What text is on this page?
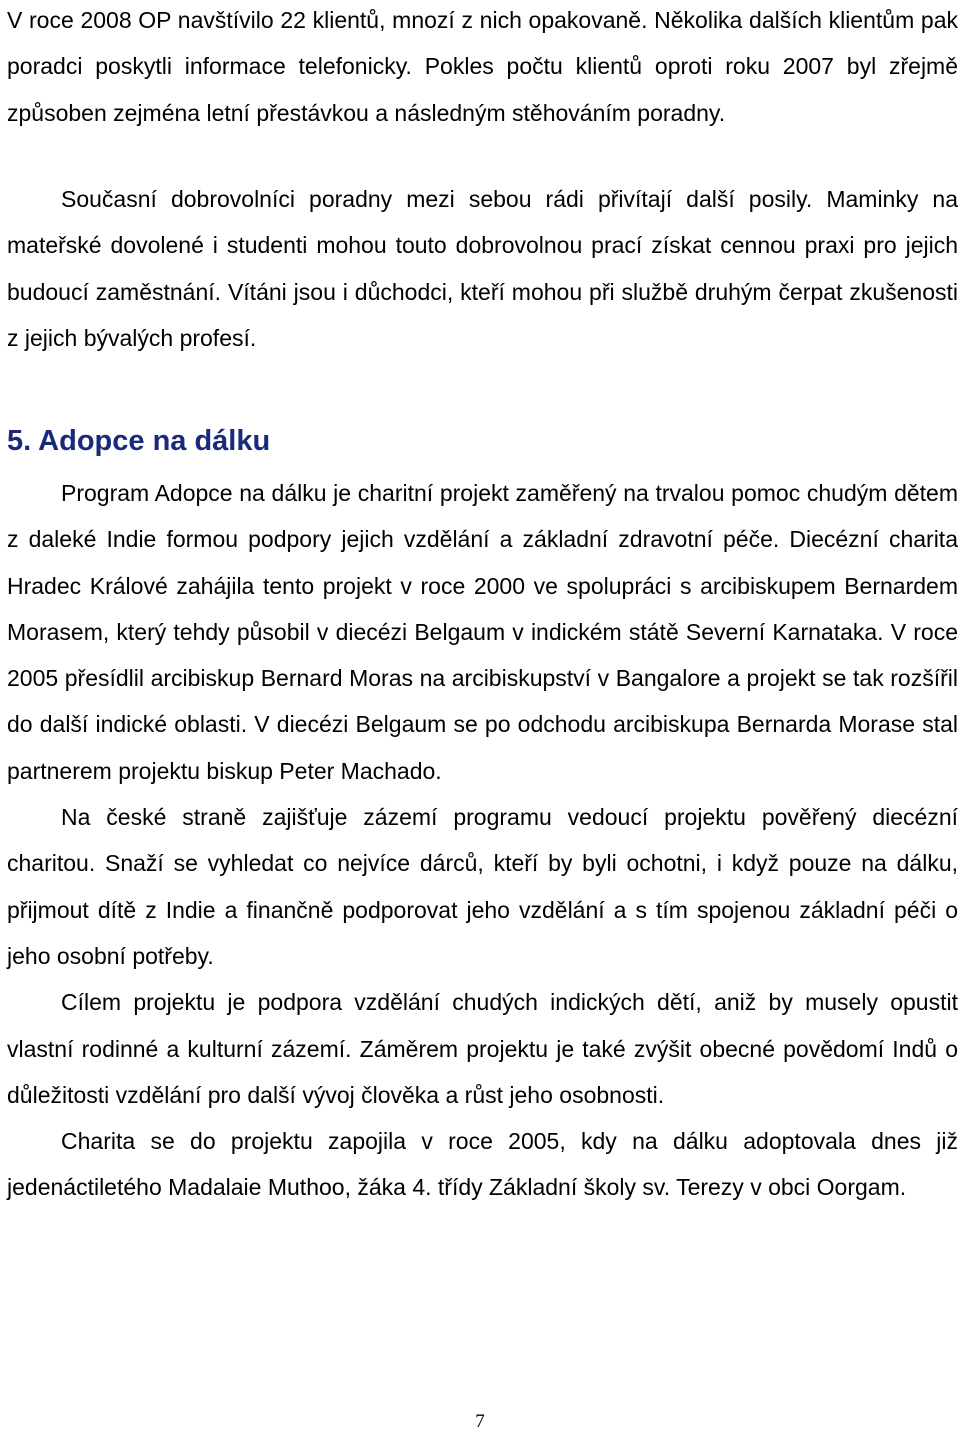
V roce 2008 OP navštívilo 22 klientů, mnozí z nich opakovaně. Několika dalších klientům pak poradci poskytli informace telefonicky. Pokles počtu klientů oproti roku 2007 byl zřejmě způsoben zejména letní přestávkou a následným stěhováním poradny.

Současní dobrovolníci poradny mezi sebou rádi přivítají další posily. Maminky na mateřské dovolené i studenti mohou touto dobrovolnou prací získat cennou praxi pro jejich budoucí zaměstnání. Vítáni jsou i důchodci, kteří mohou při službě druhým čerpat zkušenosti z jejich bývalých profesí.

5. Adopce na dálku

Program Adopce na dálku je charitní projekt zaměřený na trvalou pomoc chudým dětem z daleké Indie formou podpory jejich vzdělání a základní zdravotní péče. Diecézní charita Hradec Králové zahájila tento projekt v roce 2000 ve spolupráci s arcibiskupem Bernardem Morasem, který tehdy působil v diecézi Belgaum v indickém státě Severní Karnataka. V roce 2005 přesídlil arcibiskup Bernard Moras na arcibiskupství v Bangalore a projekt se tak rozšířil do další indické oblasti. V diecézi Belgaum se po odchodu arcibiskupa Bernarda Morase stal partnerem projektu biskup Peter Machado.

Na české straně zajišťuje zázemí programu vedoucí projektu pověřený diecézní charitou. Snaží se vyhledat co nejvíce dárců, kteří by byli ochotni, i když pouze na dálku, přijmout dítě z Indie a finančně podporovat jeho vzdělání a s tím spojenou základní péči o jeho osobní potřeby.

Cílem projektu je podpora vzdělání chudých indických dětí, aniž by musely opustit vlastní rodinné a kulturní zázemí. Záměrem projektu je také zvýšit obecné povědomí Indů o důležitosti vzdělání pro další vývoj člověka a růst jeho osobnosti.

Charita se do projektu zapojila v roce 2005, kdy na dálku adoptovala dnes již jedenáctiletého Madalaie Muthoo, žáka 4. třídy Základní školy sv. Terezy v obci Oorgam.

7
